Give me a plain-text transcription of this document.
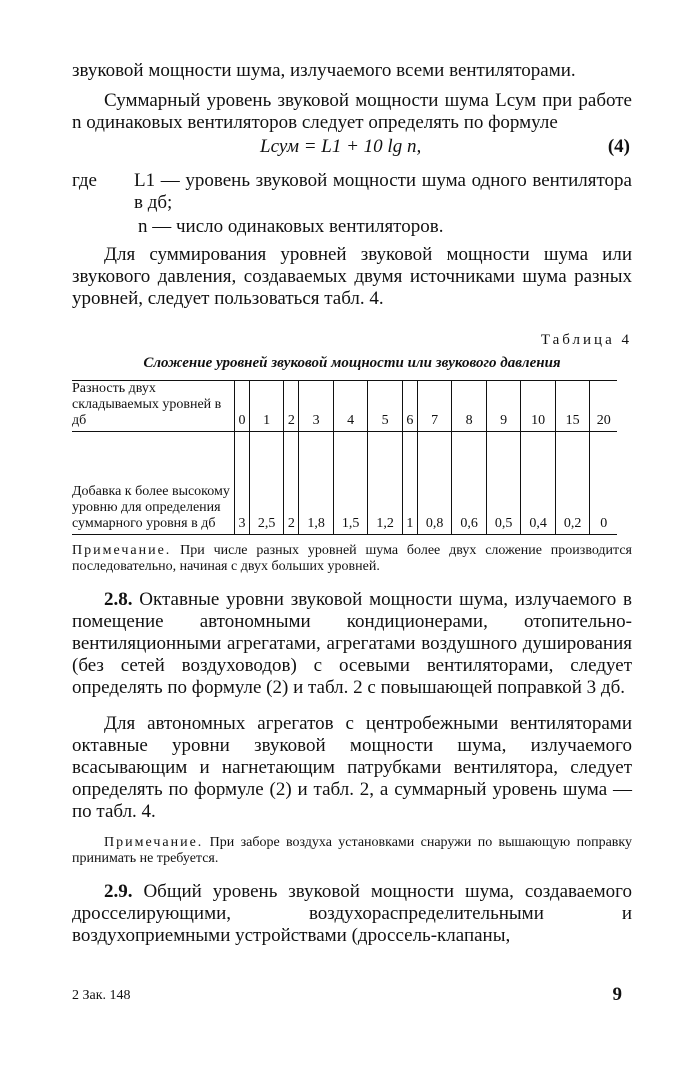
звуковой мощности шума, излучаемого всеми вентиляторами.

Суммарный уровень звуковой мощности шума Lсум при работе n одинаковых вентиляторов следует определять по формуле

Lсум = L1 + 10 lg n,	(4)
где L1 — уровень звуковой мощности шума одного вентилятора в дб;
n — число одинаковых вентиляторов.

Для суммирования уровней звуковой мощности шума или звукового давления, создаваемых двумя источниками шума разных уровней, следует пользоваться табл. 4.

Таблица 4
Сложение уровней звуковой мощности или звукового давления
Разность двух складываемых уровней в дб	0	1	2	3	4	5	6	7	8	9	10	15	20
Добавка к более высокому уровню для определения суммарного уровня в дб	3	2,5	2	1,8	1,5	1,2	1	0,8	0,6	0,5	0,4	0,2	0
Примечание. При числе разных уровней шума более двух сложение производится последовательно, начиная с двух больших уровней.

2.8. Октавные уровни звуковой мощности шума, излучаемого в помещение автономными кондиционерами, отопительно-вентиляционными агрегатами, агрегатами воздушного душирования (без сетей воздуховодов) с осевыми вентиляторами, следует определять по формуле (2) и табл. 2 с повышающей поправкой 3 дб.

Для автономных агрегатов с центробежными вентиляторами октавные уровни звуковой мощности шума, излучаемого всасывающим и нагнетающим патрубками вентилятора, следует определять по формуле (2) и табл. 2, а суммарный уровень шума — по табл. 4.

Примечание. При заборе воздуха установками снаружи по вышающую поправку принимать не требуется.

2.9. Общий уровень звуковой мощности шума, создаваемого дросселирующими, воздухораспределительными и воздухоприемными устройствами (дроссель-клапаны,

2 Зак. 148	9
